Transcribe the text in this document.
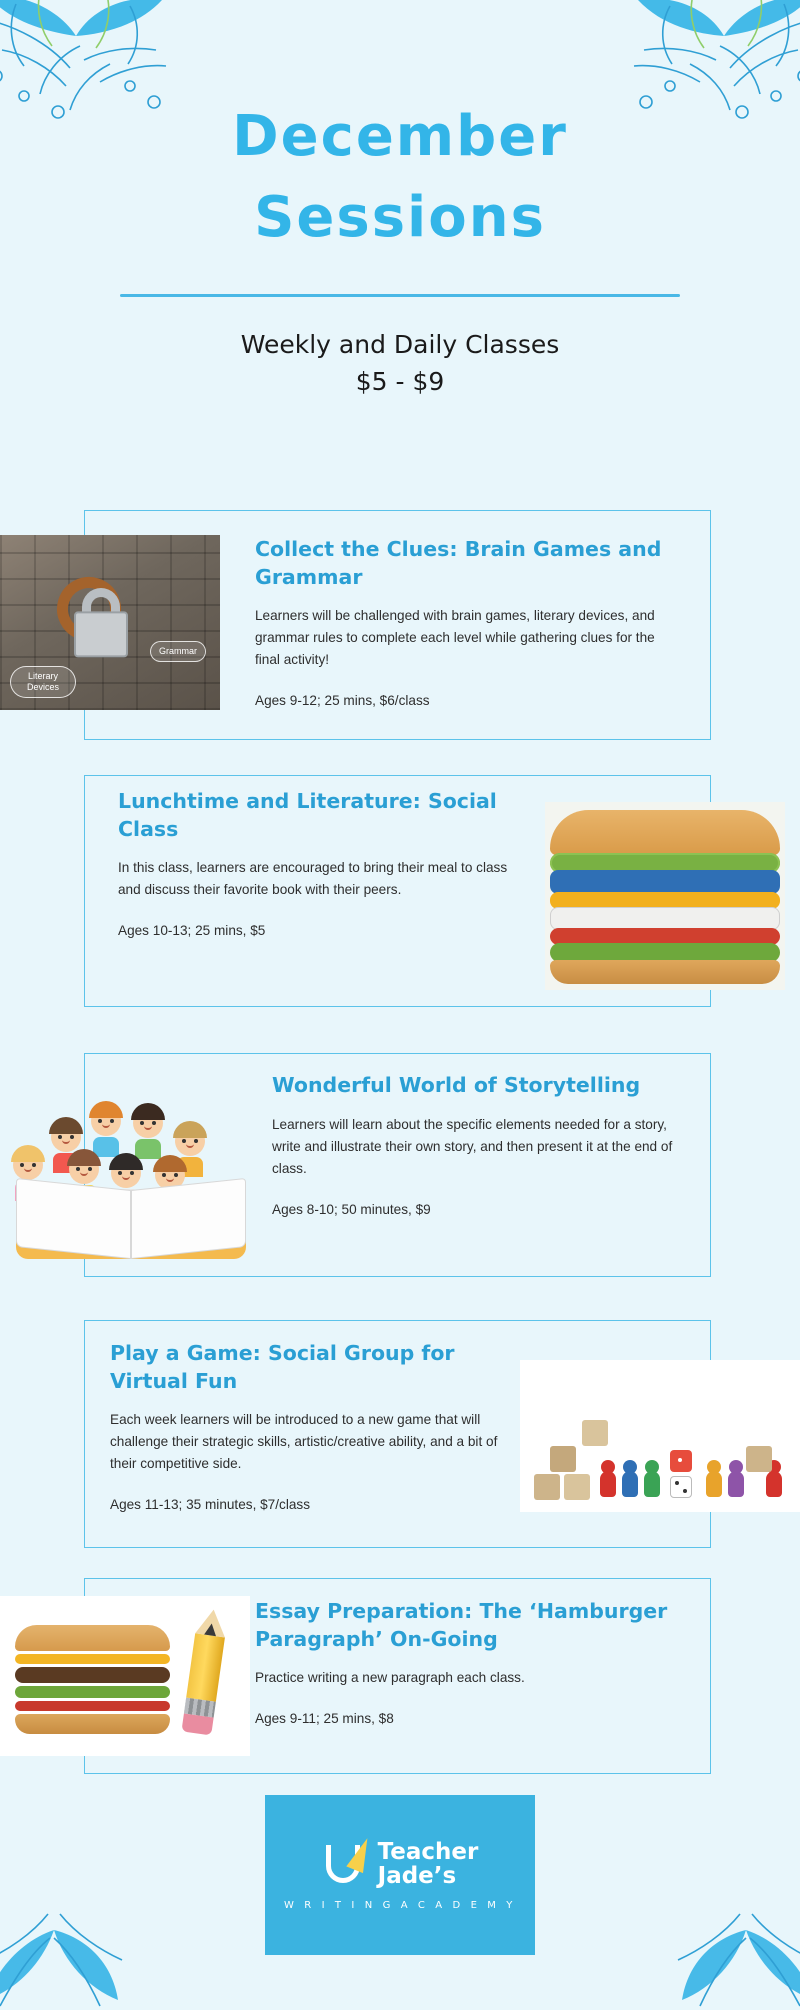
December
Sessions
Weekly and Daily Classes
$5 - $9
Literary Devices
Grammar

Collect the Clues: Brain Games and Grammar

Learners will be challenged with brain games, literary devices, and grammar rules to complete each level while gathering clues for the final activity!

Ages 9-12; 25 mins, $6/class

Lunchtime and Literature: Social Class

In this class, learners are encouraged to bring their meal to class and discuss their favorite book with their peers.

Ages 10-13; 25 mins, $5

Wonderful World of Storytelling

Learners will learn about the specific elements needed for a story, write and illustrate their own story, and then present it at the end of class.

Ages 8-10; 50 minutes, $9

Play a Game: Social Group for Virtual Fun

Each week learners will be introduced to a new game that will challenge their strategic skills, artistic/creative ability, and a bit of their competitive side.

Ages 11-13; 35 minutes, $7/class

Essay Preparation: The ‘Hamburger Paragraph’ On-Going

Practice writing a new paragraph each class.

Ages 9-11; 25 mins, $8

Teacher
Jade’s
W R I T I N G A C A D E M Y
